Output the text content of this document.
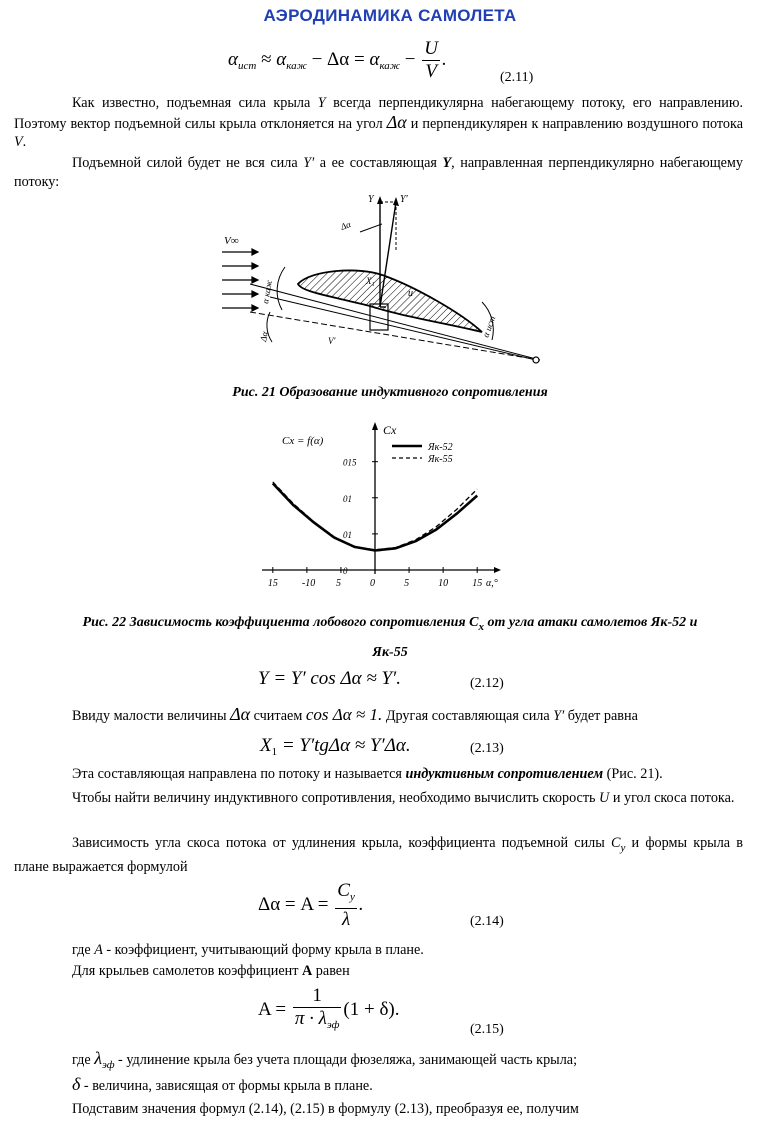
АЭРОДИНАМИКА САМОЛЕТА
$\alpha_{ист} \approx \alpha_{каж} - \Delta\alpha = \alpha_{каж} - \frac{U}{V}$ .
(2.11)
Как известно, подъемная сила крыла Y всегда перпендикулярна набегающему потоку, его направлению. Поэтому вектор подъемной силы крыла отклоняется на угол Δα и перпендикулярен к направлению воздушного потока V.
Подъемной силой будет не вся сила Y′ а ее составляющая Y, направленная перпендикулярно набегающему потоку:
V∞
Y	Y′
Δα
X₁
u
α каж
Δα	V′
α ист
Рис. 21 Образование индуктивного сопротивления
15 -10 5	0	5	10 15 α,°
015
01
01
0
Cx
Cx = f(α)
Як-52
Як-55
Рис. 22 Зависимость коэффициента лобового сопротивления $C_x$ от угла атаки самолетов Як-52 и
Як-55
Y = Y′ cos Δα ≈ Y′.	(2.12)
Ввиду малости величины Δα считаем cos Δα ≈ 1. Другая составляющая сила Y′ будет равна
$X_1 = Y'tg\Delta\alpha \approx Y'\Delta\alpha$.	(2.13)
Эта составляющая направлена по потоку и называется индуктивным сопротивлением (Рис. 21).
Чтобы найти величину индуктивного сопротивления, необходимо вычислить скорость U и угол скоса потока.
Зависимость угла скоса потока от удлинения крыла, коэффициента подъемной силы $C_y$ и формы крыла в плане выражается формулой
$\Delta\alpha = A = \frac{C_y}{\lambda}$ .
(2.14)
где A - коэффициент, учитывающий форму крыла в плане.
Для крыльев самолетов коэффициент A равен
$A = \frac{1}{\pi \cdot \lambda_{эф}} (1 + \delta)$.
(2.15)
где $\lambda_{эф}$ - удлинение крыла без учета площади фюзеляжа, занимающей часть крыла;
δ - величина, зависящая от формы крыла в плане.
Подставим значения формул (2.14), (2.15) в формулу (2.13), преобразуя ее, получим
